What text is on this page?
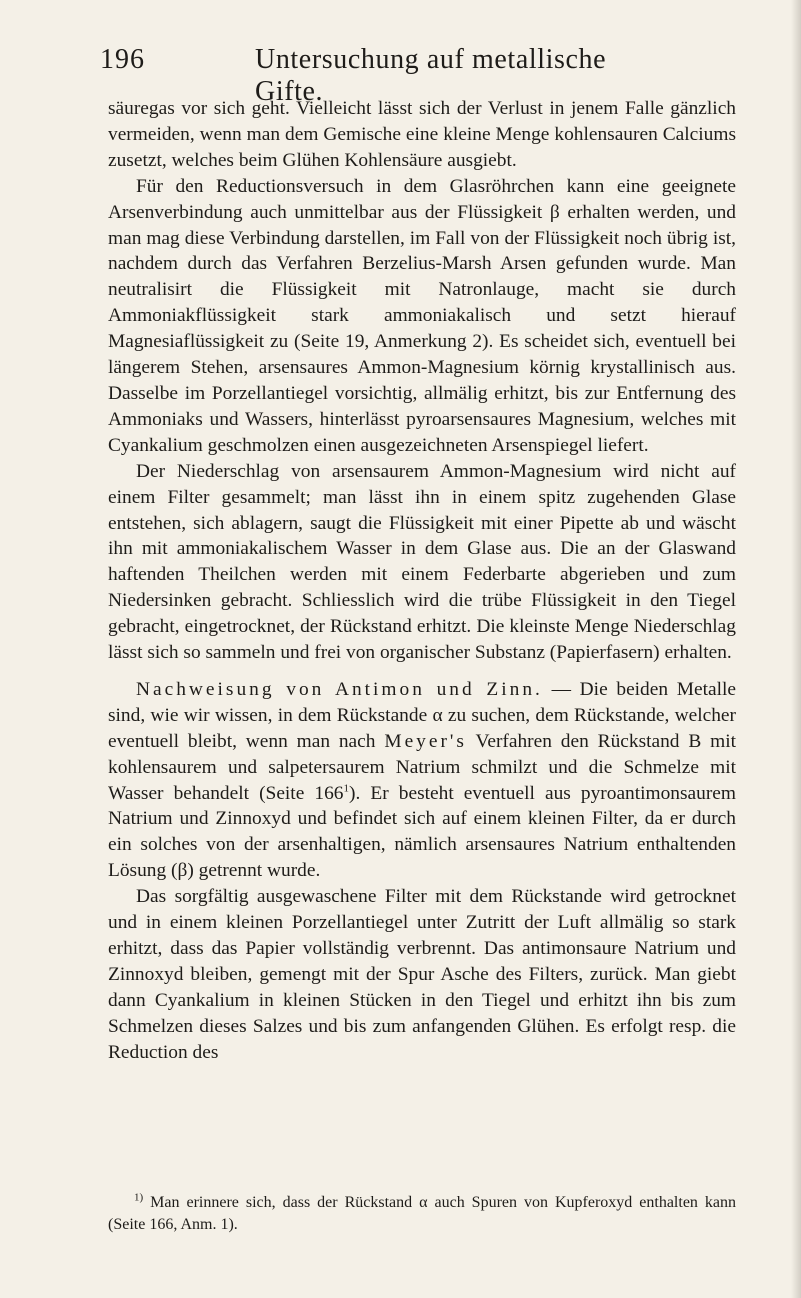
196	Untersuchung auf metallische Gifte.

säuregas vor sich geht. Vielleicht lässt sich der Verlust in jenem Falle gänzlich vermeiden, wenn man dem Gemische eine kleine Menge kohlensauren Calciums zusetzt, welches beim Glühen Kohlensäure ausgiebt.

Für den Reductionsversuch in dem Glasröhrchen kann eine geeignete Arsenverbindung auch unmittelbar aus der Flüssigkeit β erhalten werden, und man mag diese Verbindung darstellen, im Fall von der Flüssigkeit noch übrig ist, nachdem durch das Verfahren Berzelius-Marsh Arsen gefunden wurde. Man neutralisirt die Flüssigkeit mit Natronlauge, macht sie durch Ammoniakflüssigkeit stark ammoniakalisch und setzt hierauf Magnesiaflüssigkeit zu (Seite 19, Anmerkung 2). Es scheidet sich, eventuell bei längerem Stehen, arsensaures Ammon-Magnesium körnig krystallinisch aus. Dasselbe im Porzellantiegel vorsichtig, allmälig erhitzt, bis zur Entfernung des Ammoniaks und Wassers, hinterlässt pyroarsensaures Magnesium, welches mit Cyankalium geschmolzen einen ausgezeichneten Arsenspiegel liefert.

Der Niederschlag von arsensaurem Ammon-Magnesium wird nicht auf einem Filter gesammelt; man lässt ihn in einem spitz zugehenden Glase entstehen, sich ablagern, saugt die Flüssigkeit mit einer Pipette ab und wäscht ihn mit ammoniakalischem Wasser in dem Glase aus. Die an der Glaswand haftenden Theilchen werden mit einem Federbarte abgerieben und zum Niedersinken gebracht. Schliesslich wird die trübe Flüssigkeit in den Tiegel gebracht, eingetrocknet, der Rückstand erhitzt. Die kleinste Menge Niederschlag lässt sich so sammeln und frei von organischer Substanz (Papierfasern) erhalten.

Nachweisung von Antimon und Zinn. — Die beiden Metalle sind, wie wir wissen, in dem Rückstande α zu suchen, dem Rückstande, welcher eventuell bleibt, wenn man nach Meyer's Verfahren den Rückstand B mit kohlensaurem und salpetersaurem Natrium schmilzt und die Schmelze mit Wasser behandelt (Seite $166^1$). Er besteht eventuell aus pyroantimonsaurem Natrium und Zinnoxyd und befindet sich auf einem kleinen Filter, da er durch ein solches von der arsenhaltigen, nämlich arsensaures Natrium enthaltenden Lösung (β) getrennt wurde.

Das sorgfältig ausgewaschene Filter mit dem Rückstande wird getrocknet und in einem kleinen Porzellantiegel unter Zutritt der Luft allmälig so stark erhitzt, dass das Papier vollständig verbrennt. Das antimonsaure Natrium und Zinnoxyd bleiben, gemengt mit der Spur Asche des Filters, zurück. Man giebt dann Cyankalium in kleinen Stücken in den Tiegel und erhitzt ihn bis zum Schmelzen dieses Salzes und bis zum anfangenden Glühen. Es erfolgt resp. die Reduction des

$^{1)}$ Man erinnere sich, dass der Rückstand α auch Spuren von Kupferoxyd enthalten kann (Seite 166, Anm. 1).
